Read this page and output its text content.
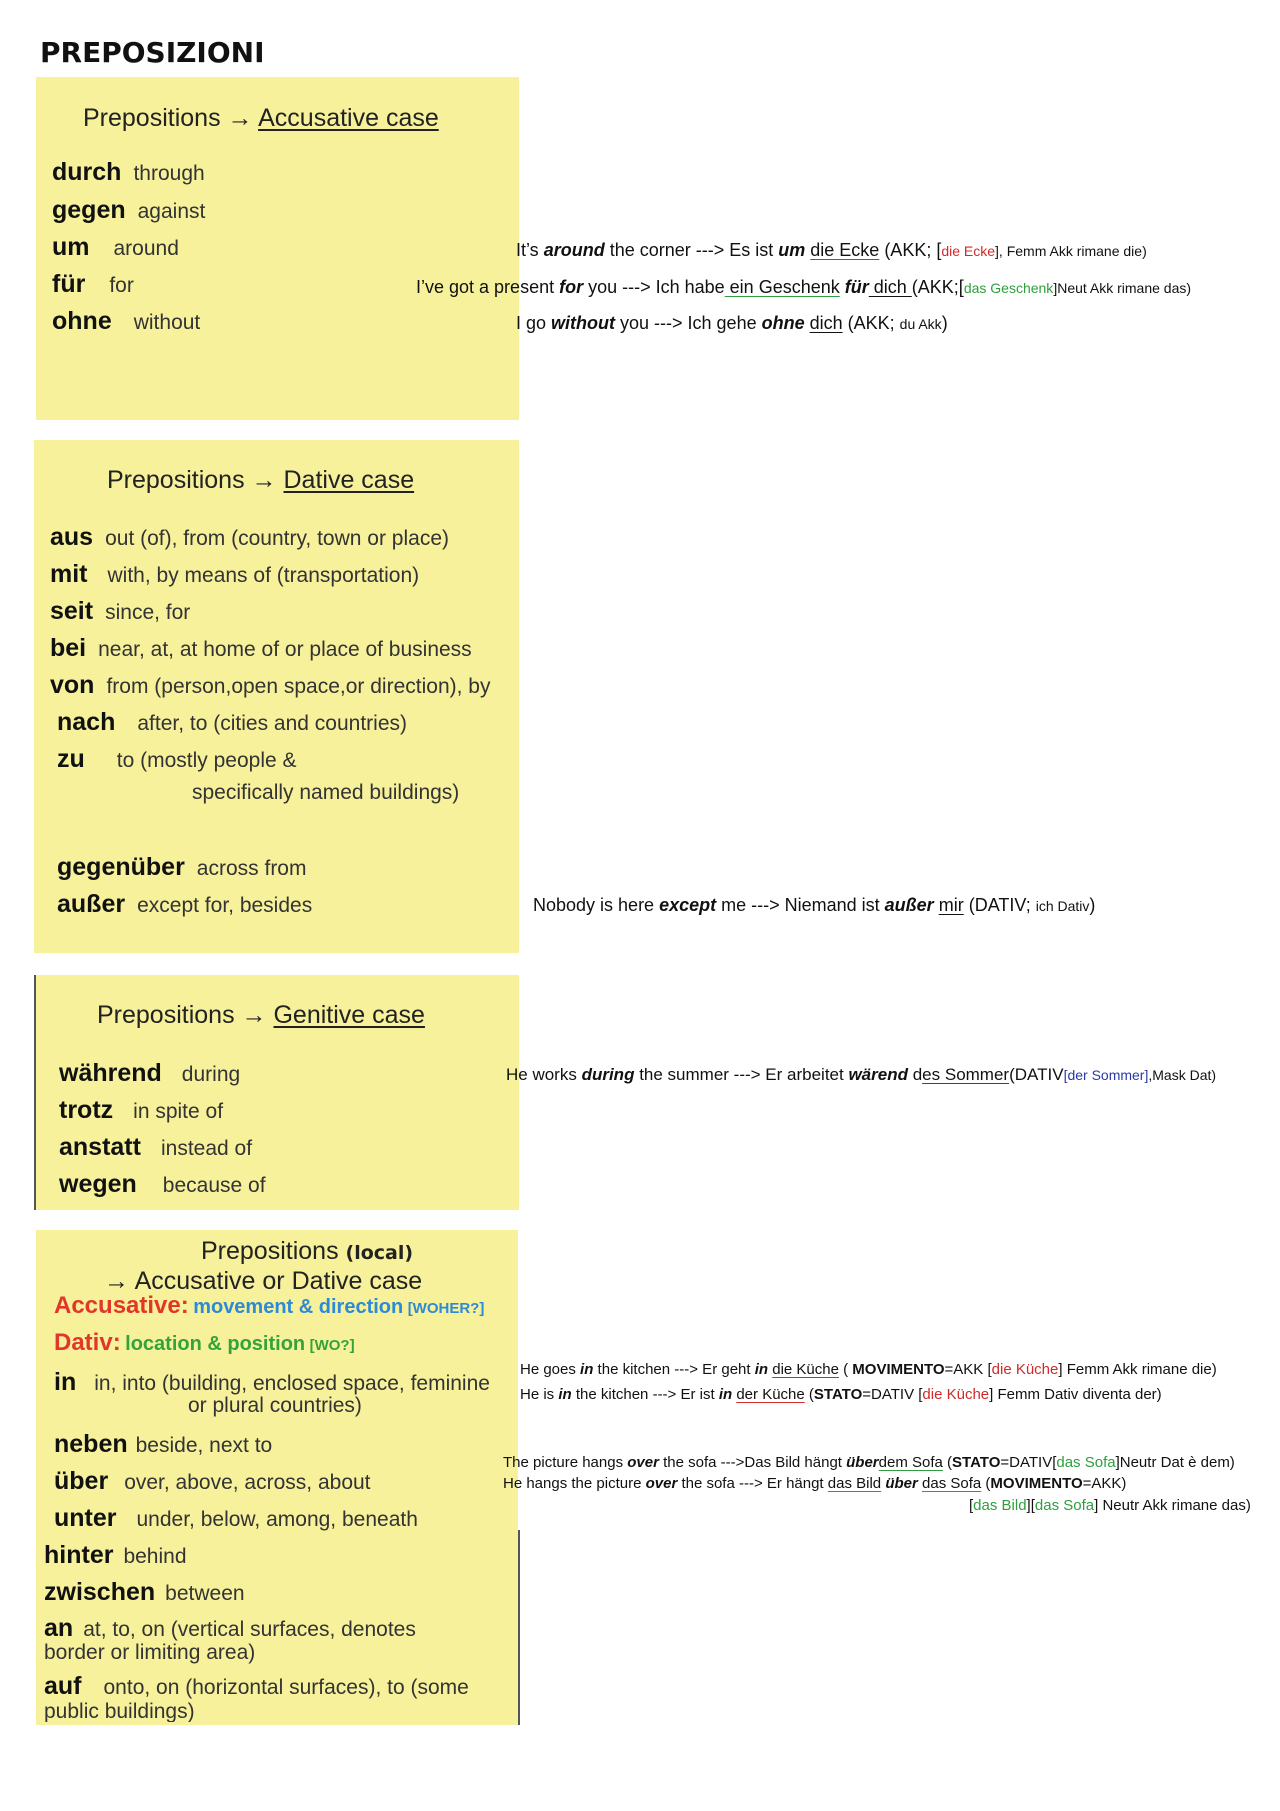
PREPOSIZIONI
Prepositions → Accusative case
durch through
gegen against
um around
für for
ohne without
It’s around the corner ---> Es ist um die Ecke (AKK; [die Ecke], Femm Akk rimane die)
I’ve got a present for you ---> Ich habe ein Geschenk für dich (AKK;[das Geschenk]Neut Akk rimane das)
I go without you ---> Ich gehe ohne dich (AKK; du Akk)
Prepositions → Dative case
aus out (of), from (country, town or place)
mit with, by means of (transportation)
seit since, for
bei near, at, at home of or place of business
von from (person,open space,or direction), by
nach after, to (cities and countries)
zu to (mostly people &
specifically named buildings)
gegenüber across from
außer except for, besides	Nobody is here except me ---> Niemand ist außer mir (DATIV; ich Dativ)
Prepositions → Genitive case
während during
trotz in spite of
anstatt instead of
wegen because of
He works during the summer ---> Er arbeitet wärend des Sommer(DATIV[der Sommer],Mask Dat)
Prepositions (local)
→ Accusative or Dative case
Accusative: movement & direction [WOHER?]
Dativ: location & position [WO?]
in in, into (building, enclosed space, feminine
or plural countries)
neben beside, next to
über over, above, across, about
unter under, below, among, beneath
hinter behind
zwischen between
an at, to, on (vertical surfaces, denotes
border or limiting area)
auf onto, on (horizontal surfaces), to (some
public buildings)
He goes in the kitchen ---> Er geht in die Küche ( MOVIMENTO=AKK [die Küche] Femm Akk rimane die)
He is in the kitchen ---> Er ist in der Küche (STATO=DATIV [die Küche] Femm Dativ diventa der)
The picture hangs over the sofa --->Das Bild hängt überdem Sofa (STATO=DATIV[das Sofa]Neutr Dat è dem)
He hangs the picture over the sofa ---> Er hängt das Bild über das Sofa (MOVIMENTO=AKK)
[das Bild][das Sofa] Neutr Akk rimane das)
